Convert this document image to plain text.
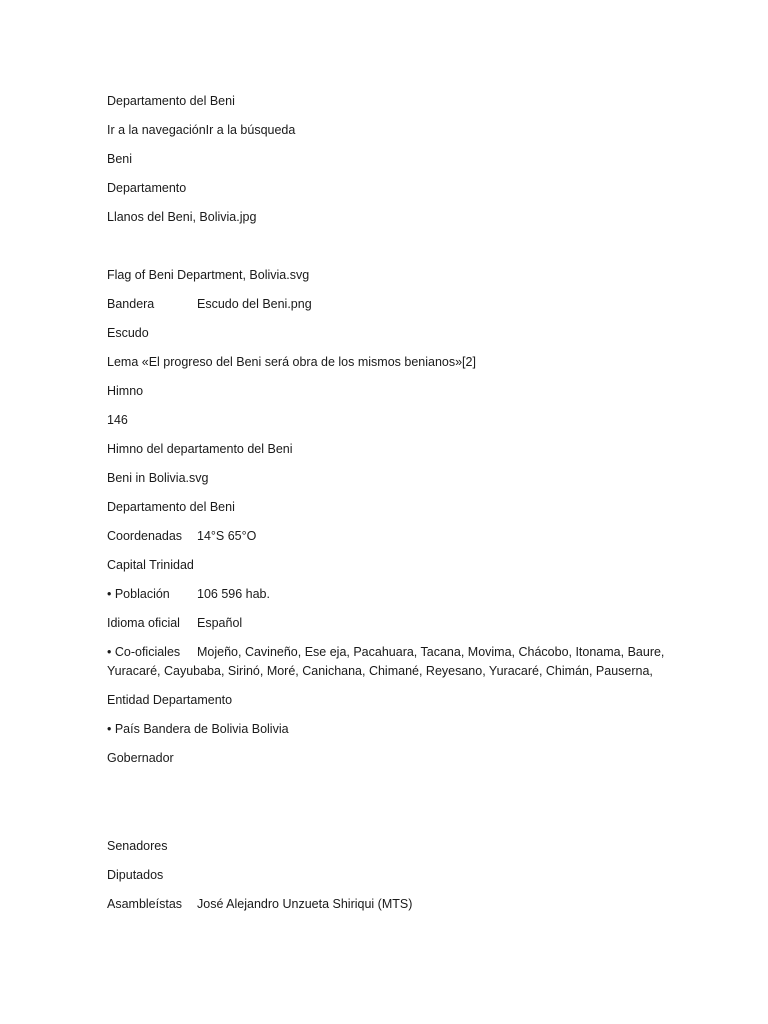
Departamento del Beni
Ir a la navegaciónIr a la búsqueda
Beni
Departamento
Llanos del Beni, Bolivia.jpg
Flag of Beni Department, Bolivia.svg
Bandera	Escudo del Beni.png
Escudo
Lema «El progreso del Beni será obra de los mismos benianos»[2]
Himno
146
Himno del departamento del Beni
Beni in Bolivia.svg
Departamento del Beni
Coordenadas 14°S 65°O
Capital Trinidad
• Población 106 596 hab.
Idioma oficial Español
• Co-oficiales Mojeño, Cavineño, Ese eja, Pacahuara, Tacana, Movima, Chácobo, Itonama, Baure,
Yuracaré, Cayubaba, Sirinó, Moré, Canichana, Chimané, Reyesano, Yuracaré, Chimán, Pauserna,
Entidad Departamento
• País Bandera de Bolivia Bolivia
Gobernador
Senadores
Diputados
Asambleístas José Alejandro Unzueta Shiriqui (MTS)
